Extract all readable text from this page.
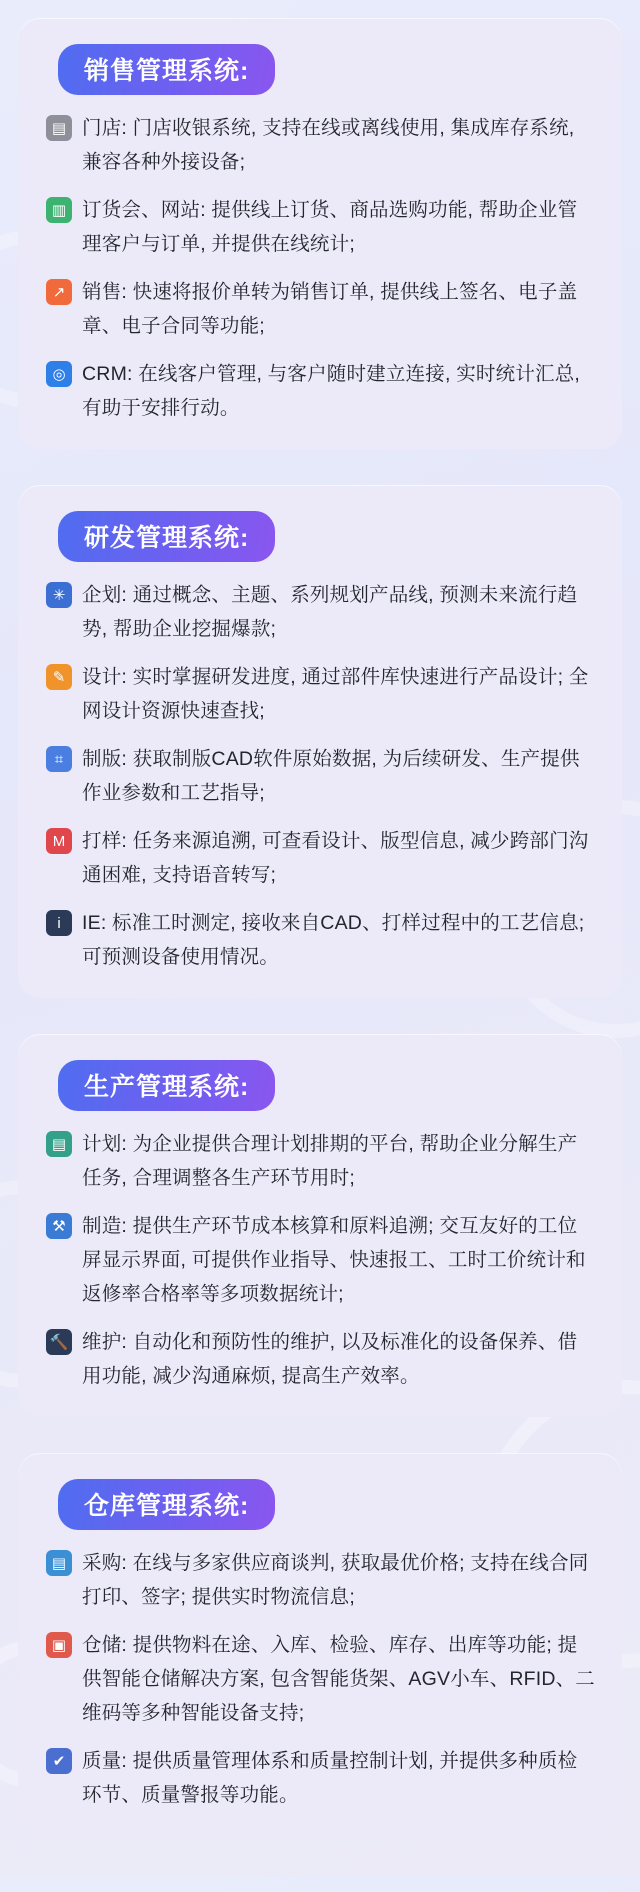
销售管理系统:
▤ 门店: 门店收银系统, 支持在线或离线使用, 集成库存系统, 兼容各种外接设备;
▥ 订货会、网站: 提供线上订货、商品选购功能, 帮助企业管理客户与订单, 并提供在线统计;
↗ 销售: 快速将报价单转为销售订单, 提供线上签名、电子盖章、电子合同等功能;
◎ CRM: 在线客户管理, 与客户随时建立连接, 实时统计汇总, 有助于安排行动。
研发管理系统:
✳ 企划: 通过概念、主题、系列规划产品线, 预测未来流行趋势, 帮助企业挖掘爆款;
✎ 设计: 实时掌握研发进度, 通过部件库快速进行产品设计; 全网设计资源快速查找;
⌗ 制版: 获取制版CAD软件原始数据, 为后续研发、生产提供作业参数和工艺指导;
М 打样: 任务来源追溯, 可查看设计、版型信息, 减少跨部门沟通困难, 支持语音转写;
i	IE: 标准工时测定, 接收来自CAD、打样过程中的工艺信息; 可预测设备使用情况。
生产管理系统:
▤ 计划: 为企业提供合理计划排期的平台, 帮助企业分解生产任务, 合理调整各生产环节用时;
⚒ 制造: 提供生产环节成本核算和原料追溯; 交互友好的工位屏显示界面, 可提供作业指导、快速报工、工时工价统计和返修率合格率等多项数据统计;
🔨 维护: 自动化和预防性的维护, 以及标准化的设备保养、借用功能, 减少沟通麻烦, 提高生产效率。
仓库管理系统:
▤ 采购: 在线与多家供应商谈判, 获取最优价格; 支持在线合同打印、签字; 提供实时物流信息;
▣ 仓储: 提供物料在途、入库、检验、库存、出库等功能; 提供智能仓储解决方案, 包含智能货架、AGV小车、RFID、二维码等多种智能设备支持;
✔ 质量: 提供质量管理体系和质量控制计划, 并提供多种质检环节、质量警报等功能。
